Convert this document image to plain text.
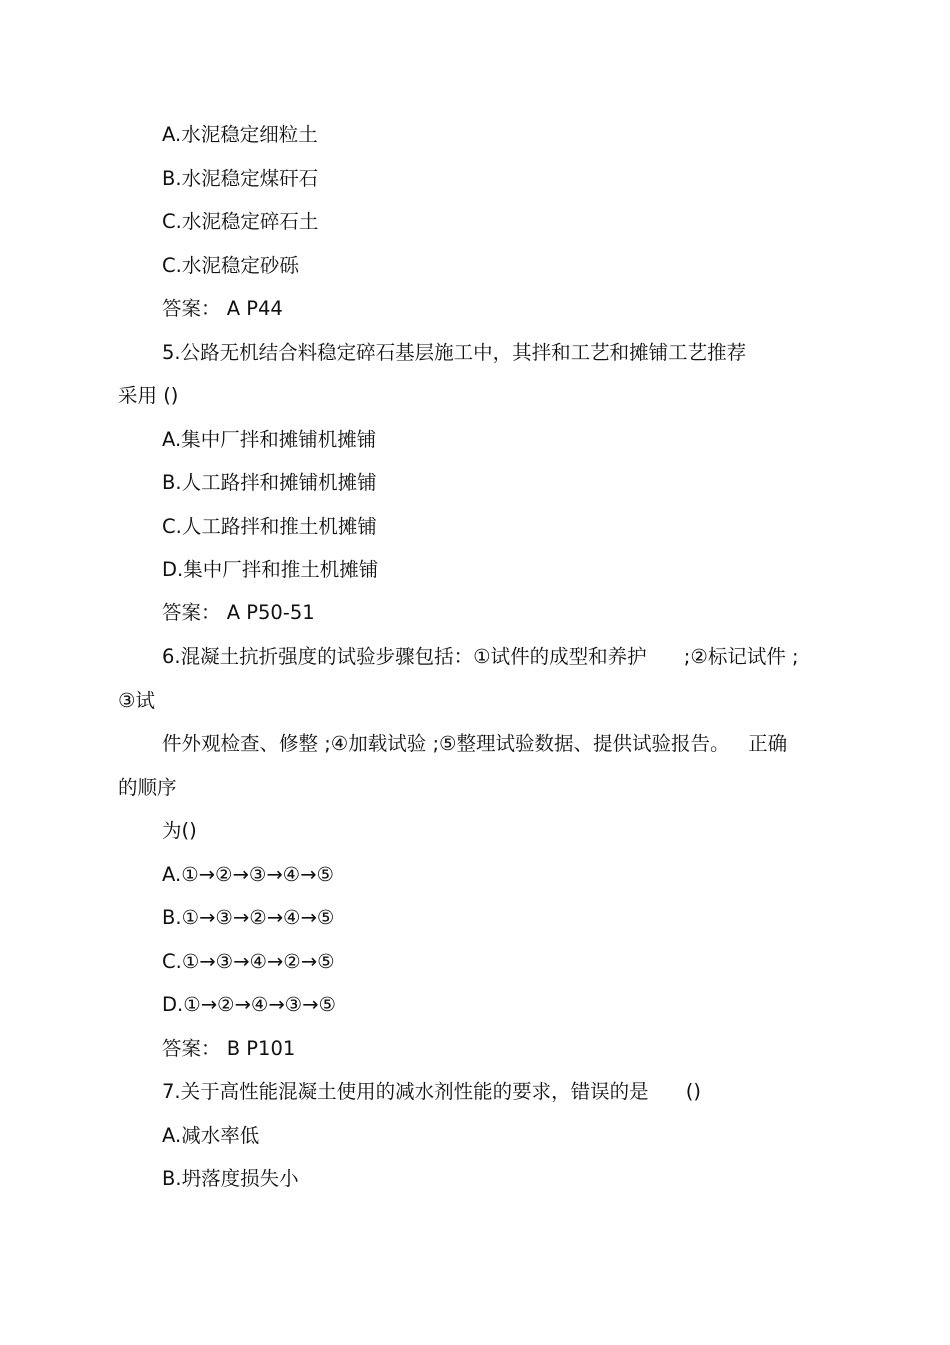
A.水泥稳定细粒土

B.水泥稳定煤矸石

C.水泥稳定碎石土

C.水泥稳定砂砾

答案： A P44

5.公路无机结合料稳定碎石基层施工中，其拌和工艺和摊铺工艺推荐

采用 ()

A.集中厂拌和摊铺机摊铺

B.人工路拌和摊铺机摊铺

C.人工路拌和推土机摊铺

D.集中厂拌和推土机摊铺

答案： A P50-51

6.混凝土抗折强度的试验步骤包括：①试件的成型和养护      ;②标记试件 ;

③试

件外观检查、修整 ;④加载试验 ;⑤整理试验数据、提供试验报告。   正确

的顺序

为()

A.①→②→③→④→⑤

B.①→③→②→④→⑤

C.①→③→④→②→⑤

D.①→②→④→③→⑤

答案： B P101

7.关于高性能混凝土使用的减水剂性能的要求，错误的是      ()

A.减水率低

B.坍落度损失小
